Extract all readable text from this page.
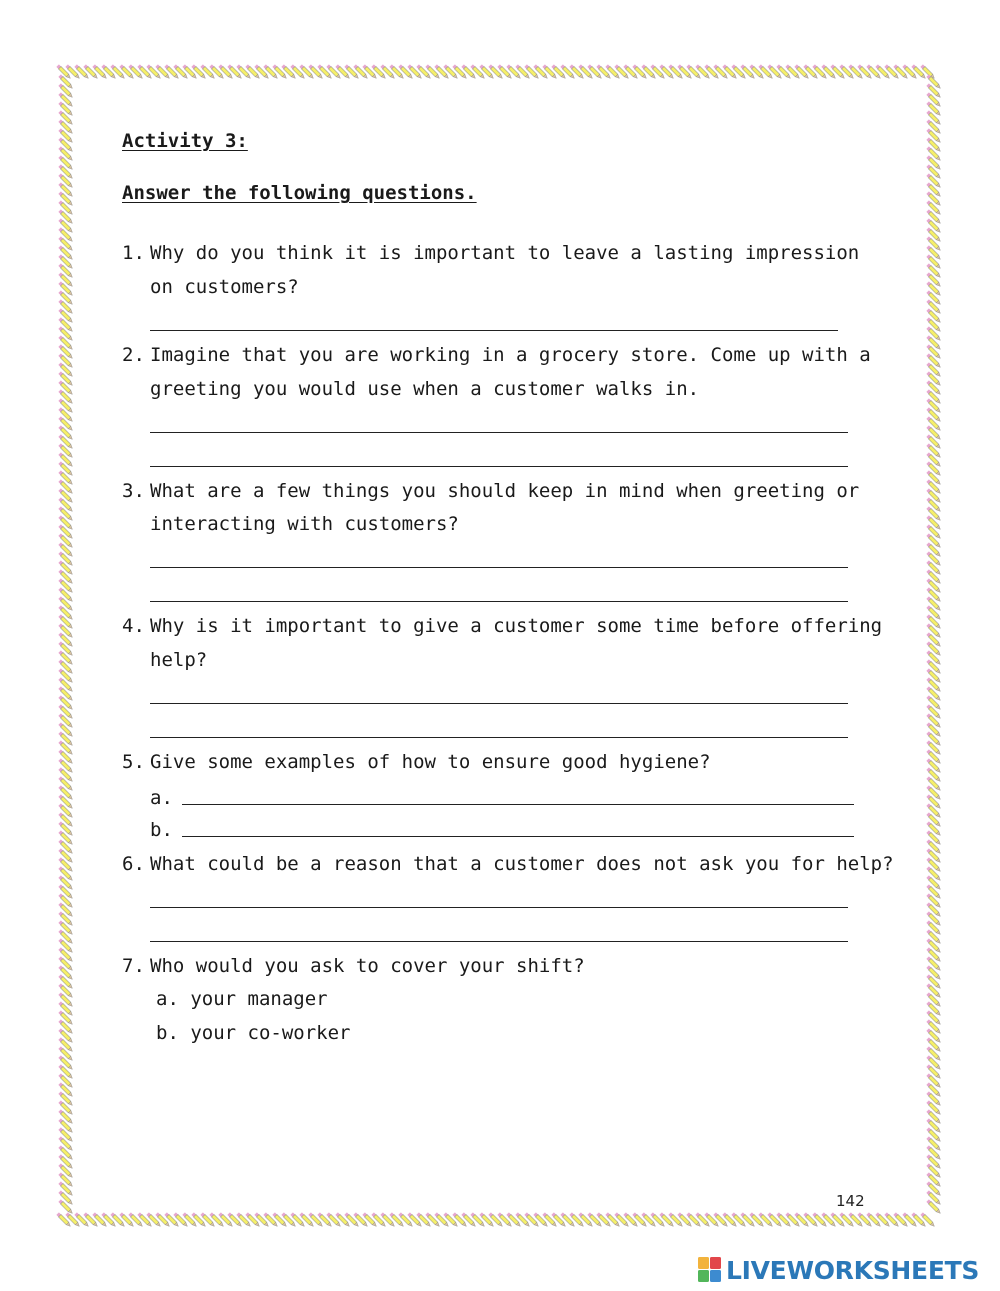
Activity 3:
Answer the following questions.
1. Why do you think it is important to leave a lasting impression
on customers?
2. Imagine that you are working in a grocery store. Come up with a
greeting you would use when a customer walks in.
3. What are a few things you should keep in mind when greeting or
interacting with customers?
4. Why is it important to give a customer some time before offering
help?
5. Give some examples of how to ensure good hygiene?
a.
b.
6. What could be a reason that a customer does not ask you for help?
7. Who would you ask to cover your shift?
a. your manager
b. your co-worker
142
LIVEWORKSHEETS
